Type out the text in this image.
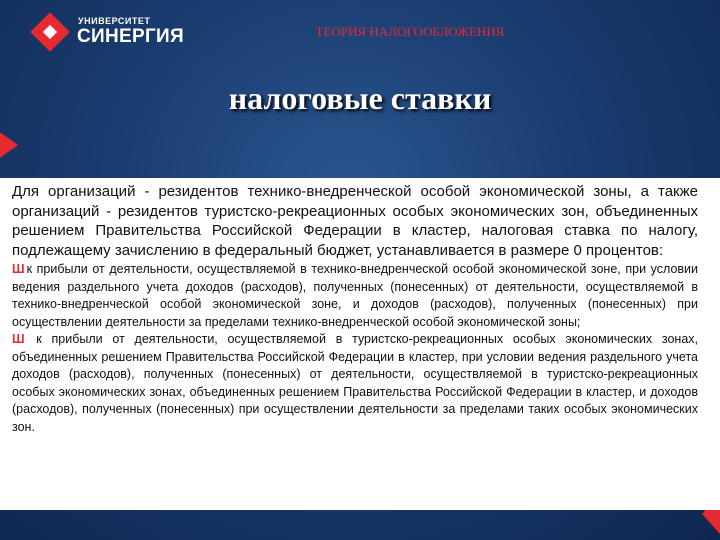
УНИВЕРСИТЕТ
СИНЕРГИЯ	ТЕОРИЯ НАЛОГООБЛОЖЕНИЯ
налоговые ставки

Для организаций - резидентов технико-внедренческой особой экономической зоны, а также организаций - резидентов туристско-рекреационных особых экономических зон, объединенных решением Правительства Российской Федерации в кластер, налоговая ставка по налогу, подлежащему зачислению в федеральный бюджет, устанавливается в размере 0 процентов:

Ш к прибыли от деятельности, осуществляемой в технико-внедренческой особой экономической зоне, при условии ведения раздельного учета доходов (расходов), полученных (понесенных) от деятельности, осуществляемой в технико-внедренческой особой экономической зоне, и доходов (расходов), полученных (понесенных) при осуществлении деятельности за пределами технико-внедренческой особой экономической зоны;

Ш к прибыли от деятельности, осуществляемой в туристско-рекреационных особых экономических зонах, объединенных решением Правительства Российской Федерации в кластер, при условии ведения раздельного учета доходов (расходов), полученных (понесенных) от деятельности, осуществляемой в туристско-рекреационных особых экономических зонах, объединенных решением Правительства Российской Федерации в кластер, и доходов (расходов), полученных (понесенных) при осуществлении деятельности за пределами таких особых экономических зон.
